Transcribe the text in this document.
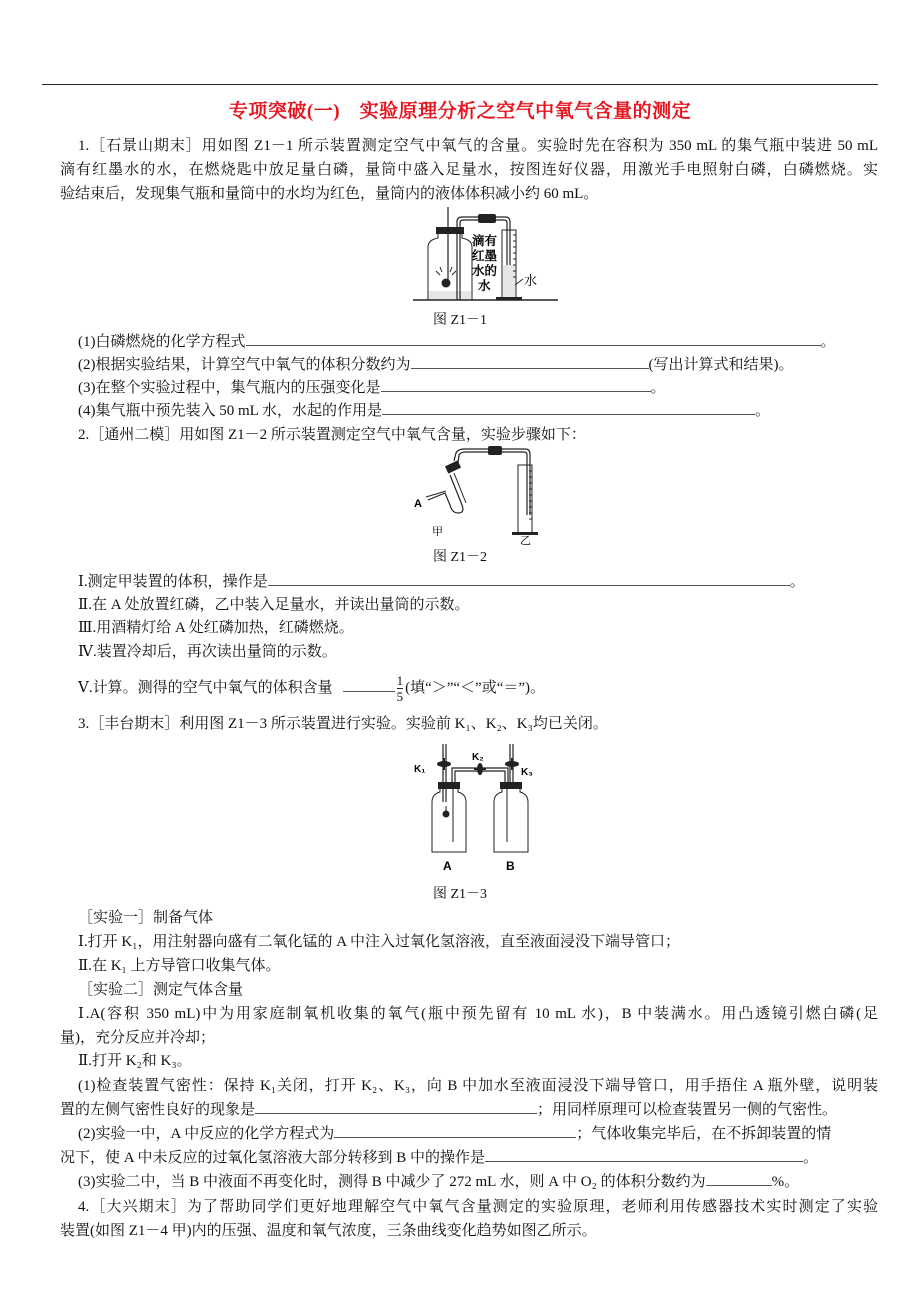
专项突破(一)　实验原理分析之空气中氧气含量的测定
1.［石景山期末］用如图 Z1－1 所示装置测定空气中氧气的含量。实验时先在容积为 350 mL 的集气瓶中装进 50 mL
滴有红墨水的水，在燃烧匙中放足量白磷，量筒中盛入足量水，按图连好仪器，用激光手电照射白磷，白磷燃烧。实
验结束后，发现集气瓶和量筒中的水均为红色，量筒内的液体体积减小约 60 mL。
水
滴有红墨水的水
图 Z1－1
(1)白磷燃烧的化学方程式	。
(2)根据实验结果，计算空气中氧气的体积分数约为	(写出计算式和结果)。
(3)在整个实验过程中，集气瓶内的压强变化是	。
(4)集气瓶中预先装入 50 mL 水，水起的作用是	。
2.［通州二模］用如图 Z1－2 所示装置测定空气中氧气含量，实验步骤如下：
A
甲
乙
图 Z1－2
Ⅰ.测定甲装置的体积，操作是	。
Ⅱ.在 A 处放置红磷，乙中装入足量水，并读出量筒的示数。
Ⅲ.用酒精灯给 A 处红磷加热，红磷燃烧。
Ⅳ.装置冷却后，再次读出量筒的示数。
Ⅴ.计算。测得的空气中氧气的体积含量	$\frac{1}{5}$ (填“＞”“＜”或“＝”)。
3.［丰台期末］利用图 Z1－3 所示装置进行实验。实验前 K₁、K₂、K₃均已关闭。
K₁
K₂
K₃
A	B
图 Z1－3
［实验一］制备气体
Ⅰ.打开 K₁，用注射器向盛有二氧化锰的 A 中注入过氧化氢溶液，直至液面浸没下端导管口；
Ⅱ.在 K₁ 上方导管口收集气体。
［实验二］测定气体含量
Ⅰ.A(容积 350 mL)中为用家庭制氧机收集的氧气(瓶中预先留有 10 mL 水)，B 中装满水。用凸透镜引燃白磷(足
量)，充分反应并冷却；
Ⅱ.打开 K₂和 K₃。
(1)检查装置气密性：保持 K₁关闭，打开 K₂、K₃，向 B 中加水至液面浸没下端导管口，用手捂住 A 瓶外壁，说明装
置的左侧气密性良好的现象是	；用同样原理可以检查装置另一侧的气密性。
(2)实验一中，A 中反应的化学方程式为	；气体收集完毕后，在不拆卸装置的情
况下，使 A 中未反应的过氧化氢溶液大部分转移到 B 中的操作是	。
(3)实验二中，当 B 中液面不再变化时，测得 B 中减少了 272 mL 水，则 A 中 O₂ 的体积分数约为	%。
4.［大兴期末］为了帮助同学们更好地理解空气中氧气含量测定的实验原理，老师利用传感器技术实时测定了实验
装置(如图 Z1－4 甲)内的压强、温度和氧气浓度，三条曲线变化趋势如图乙所示。
